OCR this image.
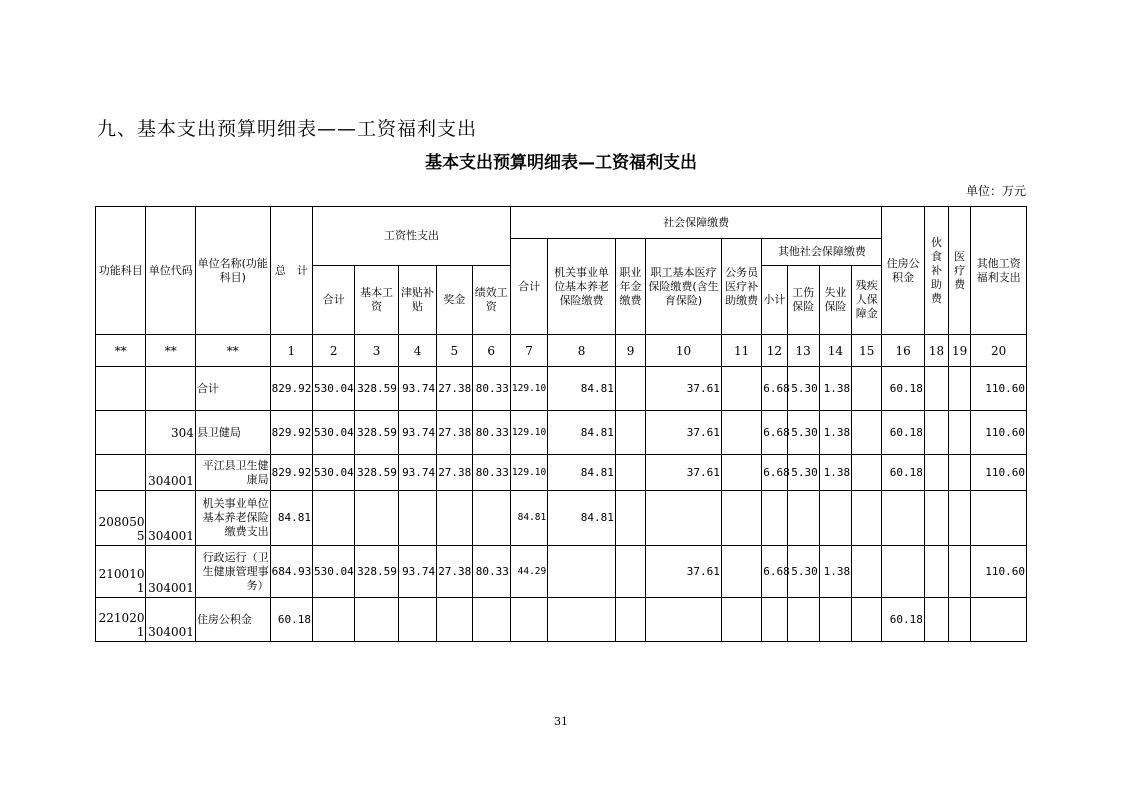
九、基本支出预算明细表——工资福利支出
基本支出预算明细表—工资福利支出
单位：万元
功能科目	单位代码	单位名称(功能科目)	总　计	工资性支出					社会保障缴费									住房公积金	伙食补助费	医疗费	其他工资福利支出
									合计	机关事业单位基本养老保险缴费	职业年金缴费	职工基本医疗保险缴费(含生育保险)	公务员医疗补助缴费	其他社会保障缴费							
				合计	基本工资	津贴补贴	奖金	绩效工资						小计	工伤保险	失业保险	残疾人保障金				
**	**	**	1	2	3	4	5	6	7	8	9	10	11	12	13	14	15	16	18	19	20
		合计	829.92	530.04	328.59	93.74	27.38	80.33	129.10	84.81		37.61		6.68	5.30	1.38		60.18			110.60
	304	县卫健局	829.92	530.04	328.59	93.74	27.38	80.33	129.10	84.81		37.61		6.68	5.30	1.38		60.18			110.60
	304001	平江县卫生健康局	829.92	530.04	328.59	93.74	27.38	80.33	129.10	84.81		37.61		6.68	5.30	1.38		60.18			110.60
2080505	304001	机关事业单位基本养老保险缴费支出	84.81						84.81	84.81											
2100101	304001	行政运行（卫生健康管理事务）	684.93	530.04	328.59	93.74	27.38	80.33	44.29			37.61		6.68	5.30	1.38					110.60
2210201	304001	住房公积金	60.18															60.18			
31
